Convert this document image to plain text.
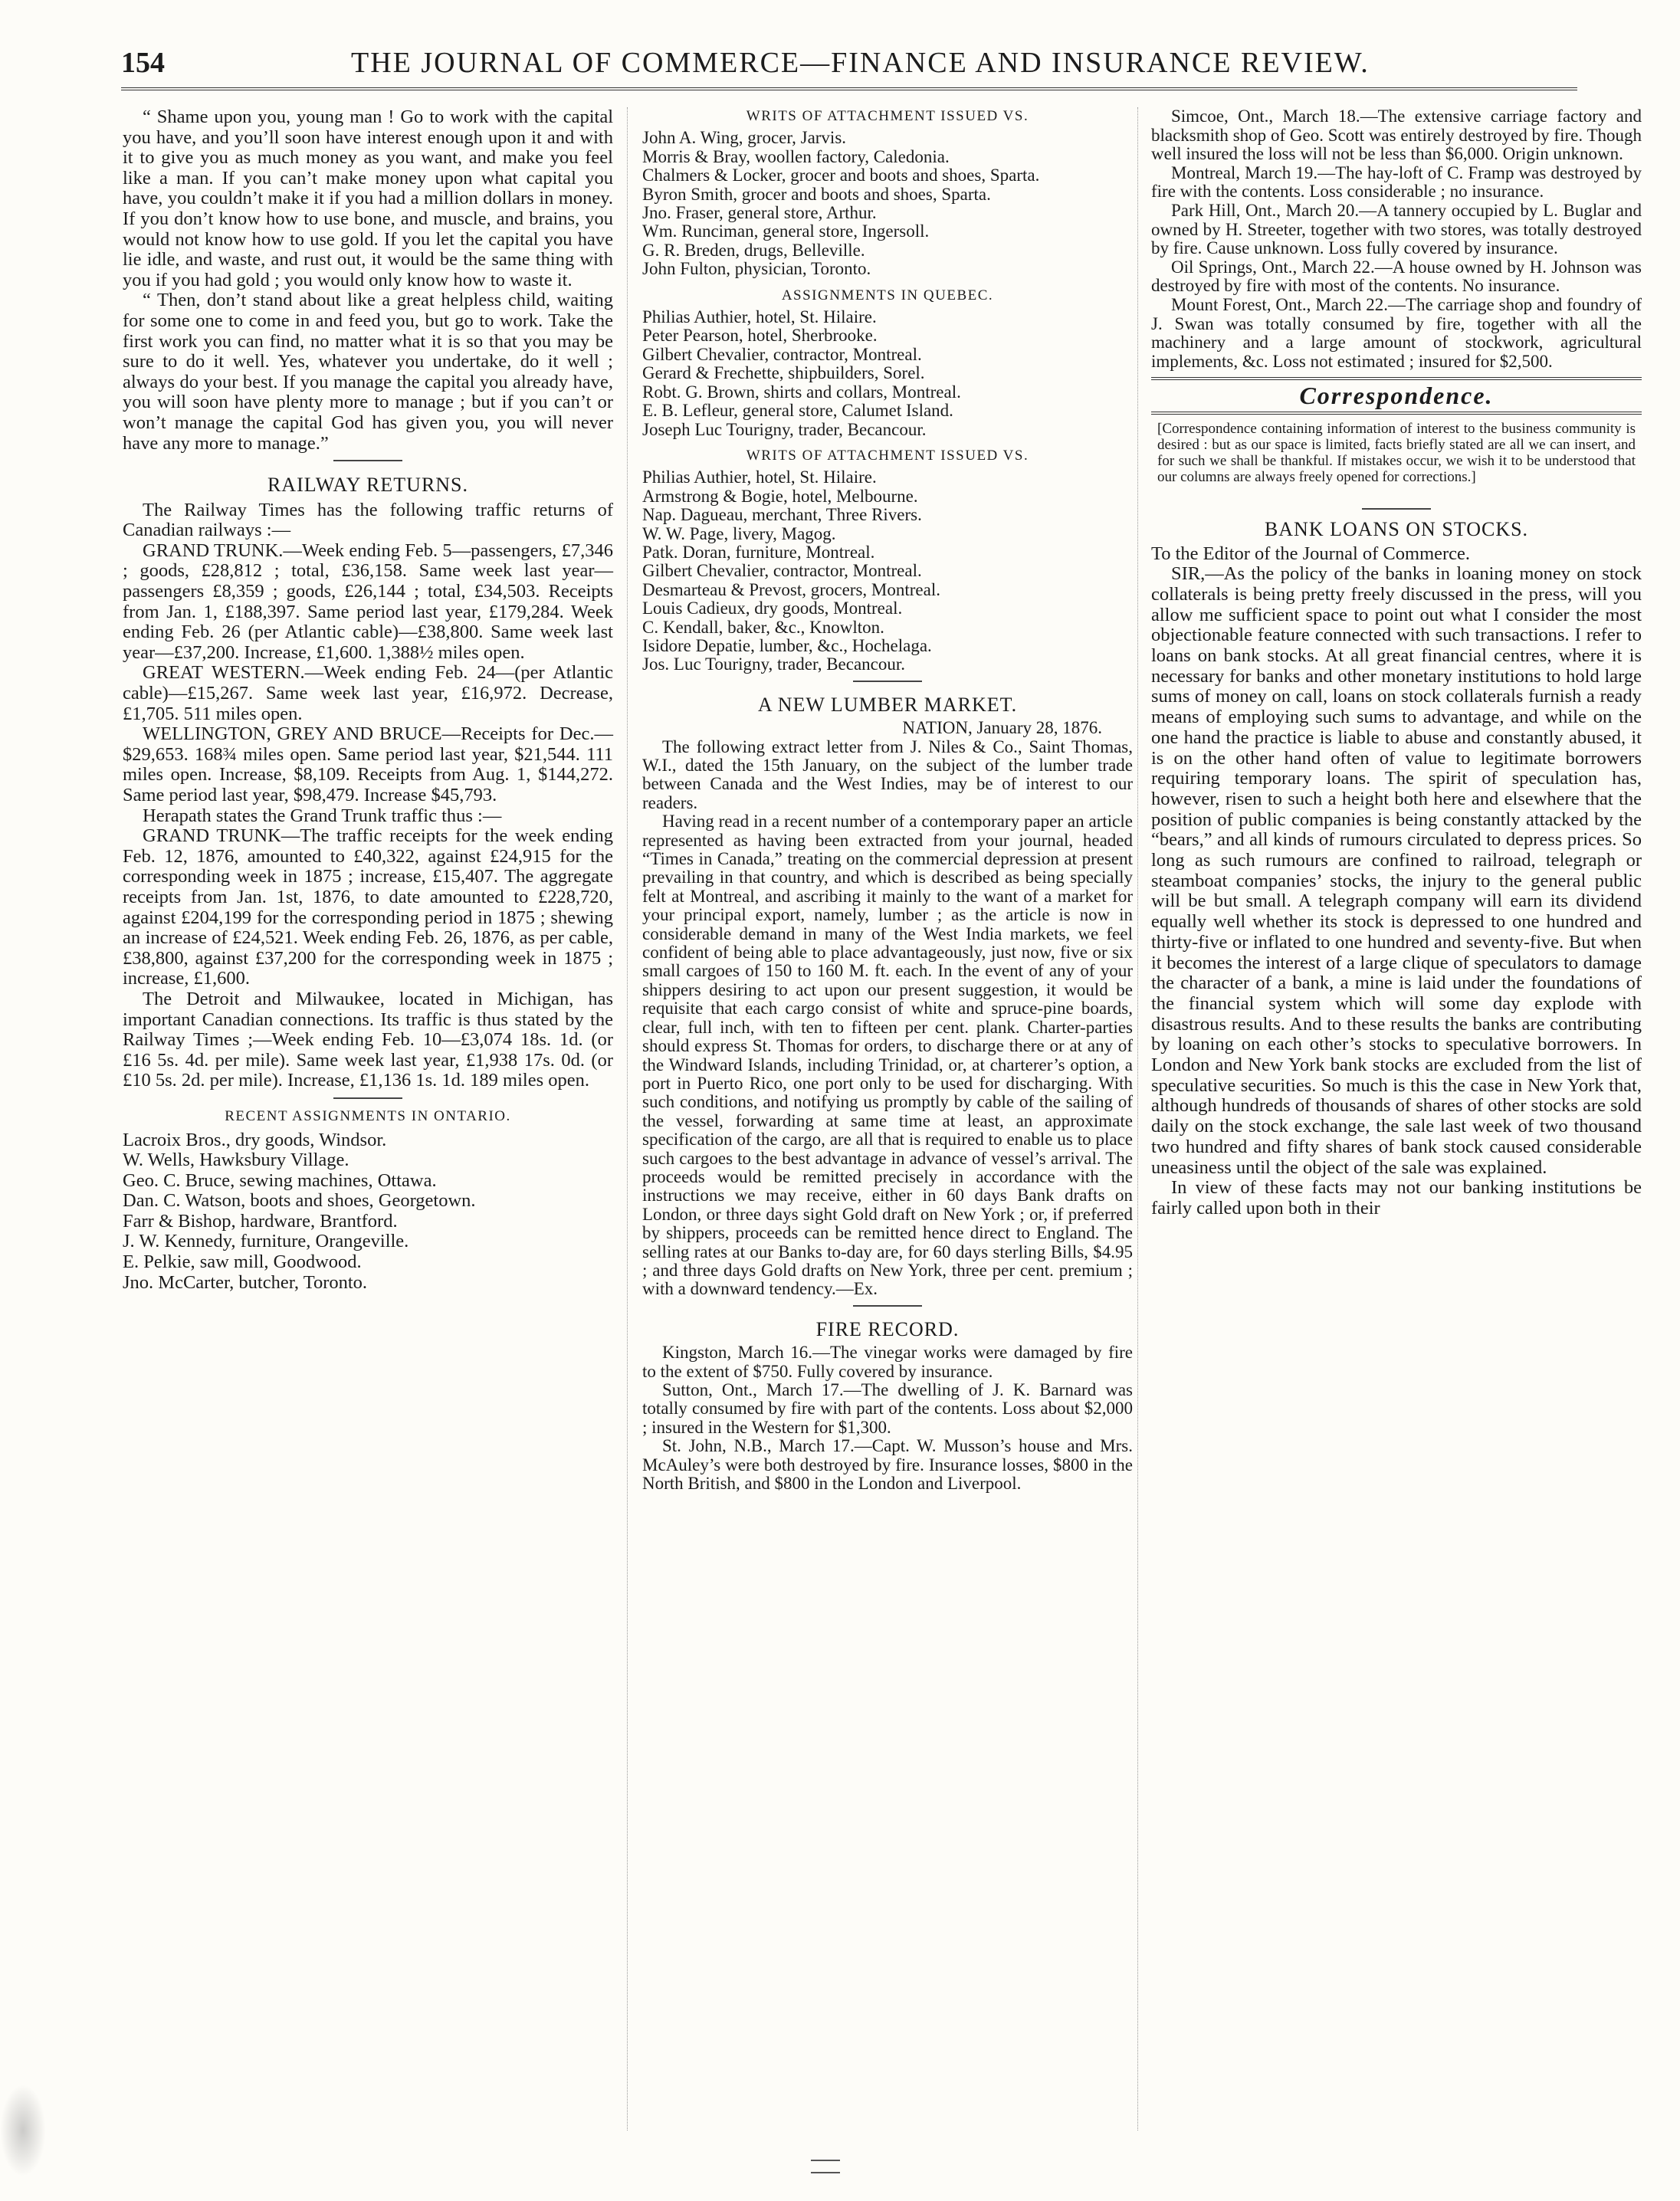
154	THE JOURNAL OF COMMERCE—FINANCE AND INSURANCE REVIEW.

“ Shame upon you, young man ! Go to work with the capital you have, and you’ll soon have interest enough upon it and with it to give you as much money as you want, and make you feel like a man. If you can’t make money upon what capital you have, you couldn’t make it if you had a million dollars in money. If you don’t know how to use bone, and muscle, and brains, you would not know how to use gold. If you let the capital you have lie idle, and waste, and rust out, it would be the same thing with you if you had gold ; you would only know how to waste it.

“ Then, don’t stand about like a great helpless child, waiting for some one to come in and feed you, but go to work. Take the first work you can find, no matter what it is so that you may be sure to do it well. Yes, whatever you undertake, do it well ; always do your best. If you manage the capital you already have, you will soon have plenty more to manage ; but if you can’t or won’t manage the capital God has given you, you will never have any more to manage.”

RAILWAY RETURNS.

The Railway Times has the following traffic returns of Canadian railways :—

GRAND TRUNK.—Week ending Feb. 5—passengers, £7,346 ; goods, £28,812 ; total, £36,158. Same week last year—passengers £8,359 ; goods, £26,144 ; total, £34,503. Receipts from Jan. 1, £188,397. Same period last year, £179,284. Week ending Feb. 26 (per Atlantic cable)—£38,800. Same week last year—£37,200. Increase, £1,600. 1,388½ miles open.

GREAT WESTERN.—Week ending Feb. 24—(per Atlantic cable)—£15,267. Same week last year, £16,972. Decrease, £1,705. 511 miles open.

WELLINGTON, GREY AND BRUCE—Receipts for Dec.—$29,653. 168¾ miles open. Same period last year, $21,544. 111 miles open. Increase, $8,109. Receipts from Aug. 1, $144,272. Same period last year, $98,479. Increase $45,793.

Herapath states the Grand Trunk traffic thus :—

GRAND TRUNK—The traffic receipts for the week ending Feb. 12, 1876, amounted to £40,322, against £24,915 for the corresponding week in 1875 ; increase, £15,407. The aggregate receipts from Jan. 1st, 1876, to date amounted to £228,720, against £204,199 for the corresponding period in 1875 ; shewing an increase of £24,521. Week ending Feb. 26, 1876, as per cable, £38,800, against £37,200 for the corresponding week in 1875 ; increase, £1,600.

The Detroit and Milwaukee, located in Michigan, has important Canadian connections. Its traffic is thus stated by the Railway Times ;—Week ending Feb. 10—£3,074 18s. 1d. (or £16 5s. 4d. per mile). Same week last year, £1,938 17s. 0d. (or £10 5s. 2d. per mile). Increase, £1,136 1s. 1d. 189 miles open.

RECENT ASSIGNMENTS IN ONTARIO.

Lacroix Bros., dry goods, Windsor.

W. Wells, Hawksbury Village.

Geo. C. Bruce, sewing machines, Ottawa.

Dan. C. Watson, boots and shoes, Georgetown.

Farr & Bishop, hardware, Brantford.

J. W. Kennedy, furniture, Orangeville.

E. Pelkie, saw mill, Goodwood.

Jno. McCarter, butcher, Toronto.

WRITS OF ATTACHMENT ISSUED VS.

John A. Wing, grocer, Jarvis.

Morris & Bray, woollen factory, Caledonia.

Chalmers & Locker, grocer and boots and shoes, Sparta.

Byron Smith, grocer and boots and shoes, Sparta.

Jno. Fraser, general store, Arthur.

Wm. Runciman, general store, Ingersoll.

G. R. Breden, drugs, Belleville.

John Fulton, physician, Toronto.

ASSIGNMENTS IN QUEBEC.

Philias Authier, hotel, St. Hilaire.

Peter Pearson, hotel, Sherbrooke.

Gilbert Chevalier, contractor, Montreal.

Gerard & Frechette, shipbuilders, Sorel.

Robt. G. Brown, shirts and collars, Montreal.

E. B. Lefleur, general store, Calumet Island.

Joseph Luc Tourigny, trader, Becancour.

WRITS OF ATTACHMENT ISSUED VS.

Philias Authier, hotel, St. Hilaire.

Armstrong & Bogie, hotel, Melbourne.

Nap. Dagueau, merchant, Three Rivers.

W. W. Page, livery, Magog.

Patk. Doran, furniture, Montreal.

Gilbert Chevalier, contractor, Montreal.

Desmarteau & Prevost, grocers, Montreal.

Louis Cadieux, dry goods, Montreal.

C. Kendall, baker, &c., Knowlton.

Isidore Depatie, lumber, &c., Hochelaga.

Jos. Luc Tourigny, trader, Becancour.

A NEW LUMBER MARKET.

NATION, January 28, 1876.

The following extract letter from J. Niles & Co., Saint Thomas, W.I., dated the 15th January, on the subject of the lumber trade between Canada and the West Indies, may be of interest to our readers.

Having read in a recent number of a contemporary paper an article represented as having been extracted from your journal, headed “Times in Canada,” treating on the commercial depression at present prevailing in that country, and which is described as being specially felt at Montreal, and ascribing it mainly to the want of a market for your principal export, namely, lumber ; as the article is now in considerable demand in many of the West India markets, we feel confident of being able to place advantageously, just now, five or six small cargoes of 150 to 160 M. ft. each. In the event of any of your shippers desiring to act upon our present suggestion, it would be requisite that each cargo consist of white and spruce-pine boards, clear, full inch, with ten to fifteen per cent. plank. Charter-parties should express St. Thomas for orders, to discharge there or at any of the Windward Islands, including Trinidad, or, at charterer’s option, a port in Puerto Rico, one port only to be used for discharging. With such conditions, and notifying us promptly by cable of the sailing of the vessel, forwarding at same time at least, an approximate specification of the cargo, are all that is required to enable us to place such cargoes to the best advantage in advance of vessel’s arrival. The proceeds would be remitted precisely in accordance with the instructions we may receive, either in 60 days Bank drafts on London, or three days sight Gold draft on New York ; or, if preferred by shippers, proceeds can be remitted hence direct to England. The selling rates at our Banks to-day are, for 60 days sterling Bills, $4.95 ; and three days Gold drafts on New York, three per cent. premium ; with a downward tendency.—Ex.

FIRE RECORD.

Kingston, March 16.—The vinegar works were damaged by fire to the extent of $750. Fully covered by insurance.

Sutton, Ont., March 17.—The dwelling of J. K. Barnard was totally consumed by fire with part of the contents. Loss about $2,000 ; insured in the Western for $1,300.

St. John, N.B., March 17.—Capt. W. Musson’s house and Mrs. McAuley’s were both destroyed by fire. Insurance losses, $800 in the North British, and $800 in the London and Liverpool.

Simcoe, Ont., March 18.—The extensive carriage factory and blacksmith shop of Geo. Scott was entirely destroyed by fire. Though well insured the loss will not be less than $6,000. Origin unknown.

Montreal, March 19.—The hay-loft of C. Framp was destroyed by fire with the contents. Loss considerable ; no insurance.

Park Hill, Ont., March 20.—A tannery occupied by L. Buglar and owned by H. Streeter, together with two stores, was totally destroyed by fire. Cause unknown. Loss fully covered by insurance.

Oil Springs, Ont., March 22.—A house owned by H. Johnson was destroyed by fire with most of the contents. No insurance.

Mount Forest, Ont., March 22.—The carriage shop and foundry of J. Swan was totally consumed by fire, together with all the machinery and a large amount of stockwork, agricultural implements, &c. Loss not estimated ; insured for $2,500.

Correspondence.

[Correspondence containing information of interest to the business community is desired : but as our space is limited, facts briefly stated are all we can insert, and for such we shall be thankful. If mistakes occur, we wish it to be understood that our columns are always freely opened for corrections.]

BANK LOANS ON STOCKS.

To the Editor of the Journal of Commerce.

SIR,—As the policy of the banks in loaning money on stock collaterals is being pretty freely discussed in the press, will you allow me sufficient space to point out what I consider the most objectionable feature connected with such transactions. I refer to loans on bank stocks. At all great financial centres, where it is necessary for banks and other monetary institutions to hold large sums of money on call, loans on stock collaterals furnish a ready means of employing such sums to advantage, and while on the one hand the practice is liable to abuse and constantly abused, it is on the other hand often of value to legitimate borrowers requiring temporary loans. The spirit of speculation has, however, risen to such a height both here and elsewhere that the position of public companies is being constantly attacked by the “bears,” and all kinds of rumours circulated to depress prices. So long as such rumours are confined to railroad, telegraph or steamboat companies’ stocks, the injury to the general public will be but small. A telegraph company will earn its dividend equally well whether its stock is depressed to one hundred and thirty-five or inflated to one hundred and seventy-five. But when it becomes the interest of a large clique of speculators to damage the character of a bank, a mine is laid under the foundations of the financial system which will some day explode with disastrous results. And to these results the banks are contributing by loaning on each other’s stocks to speculative borrowers. In London and New York bank stocks are excluded from the list of speculative securities. So much is this the case in New York that, although hundreds of thousands of shares of other stocks are sold daily on the stock exchange, the sale last week of two thousand two hundred and fifty shares of bank stock caused considerable uneasiness until the object of the sale was explained.

In view of these facts may not our banking institutions be fairly called upon both in their
